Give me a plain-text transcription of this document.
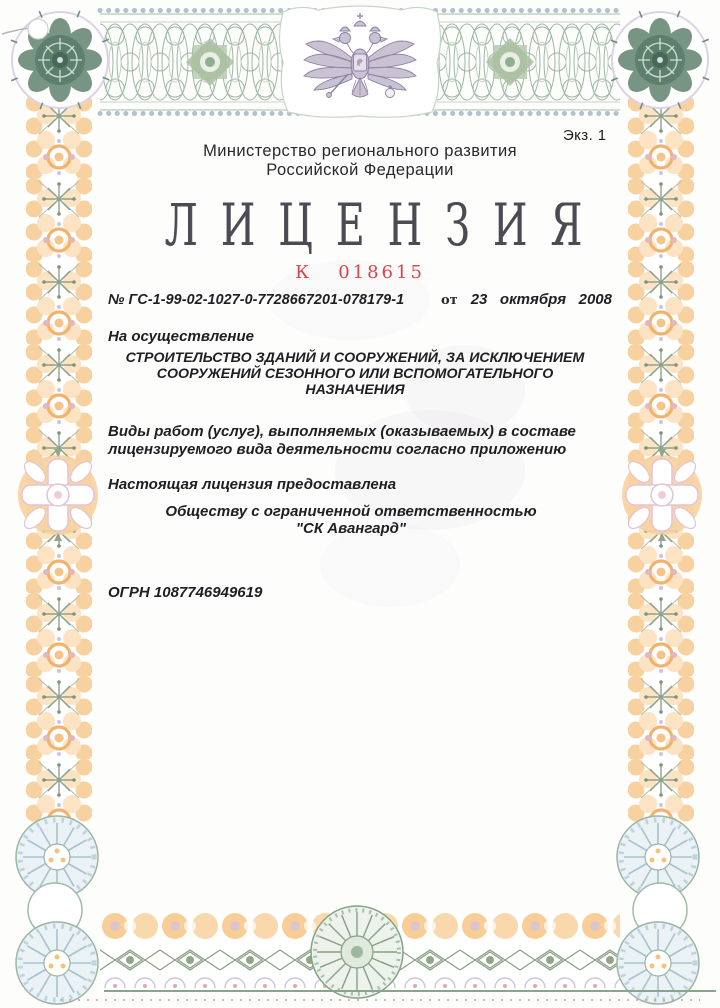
Экз. 1
Министерство регионального развития
Российской Федерации
ЛИЦЕНЗИЯ
К   018615
№ ГС-1-99-02-1027-0-7728667201-078179-1	от 23   октября   2008
На осуществление
СТРОИТЕЛЬСТВО ЗДАНИЙ И СООРУЖЕНИЙ, ЗА ИСКЛЮЧЕНИЕМ
СООРУЖЕНИЙ СЕЗОННОГО ИЛИ ВСПОМОГАТЕЛЬНОГО НАЗНАЧЕНИЯ
Виды работ (услуг), выполняемых (оказываемых) в составе
лицензируемого вида деятельности согласно приложению
Настоящая лицензия предоставлена
Обществу с ограниченной ответственностью
"СК Авангард"
ОГРН 1087746949619
